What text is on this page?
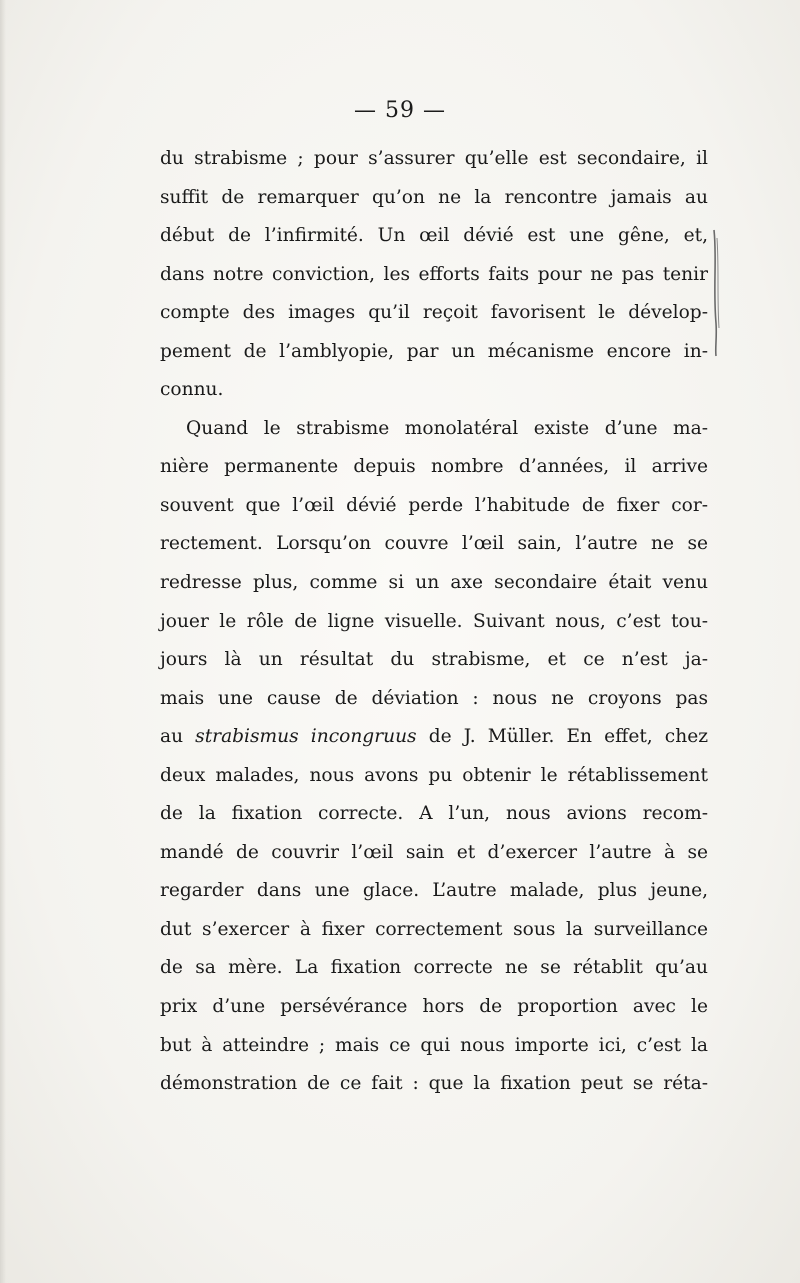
— 59 —
du strabisme ; pour s’assurer qu’elle est secondaire, il
suffit de remarquer qu’on ne la rencontre jamais au
début de l’infirmité. Un œil dévié est une gêne, et,
dans notre conviction, les efforts faits pour ne pas tenir
compte des images qu’il reçoit favorisent le dévelop-
pement de l’amblyopie, par un mécanisme encore in-
connu.
Quand le strabisme monolatéral existe d’une ma-
nière permanente depuis nombre d’années, il arrive
souvent que l’œil dévié perde l’habitude de fixer cor-
rectement. Lorsqu’on couvre l’œil sain, l’autre ne se
redresse plus, comme si un axe secondaire était venu
jouer le rôle de ligne visuelle. Suivant nous, c’est tou-
jours là un résultat du strabisme, et ce n’est ja-
mais une cause de déviation : nous ne croyons pas
au strabismus incongruus de J. Müller. En effet, chez
deux malades, nous avons pu obtenir le rétablissement
de la fixation correcte. A l’un, nous avions recom-
mandé de couvrir l’œil sain et d’exercer l’autre à se
regarder dans une glace. L’autre malade, plus jeune,
dut s’exercer à fixer correctement sous la surveillance
de sa mère. La fixation correcte ne se rétablit qu’au
prix d’une persévérance hors de proportion avec le
but à atteindre ; mais ce qui nous importe ici, c’est la
démonstration de ce fait : que la fixation peut se réta-
